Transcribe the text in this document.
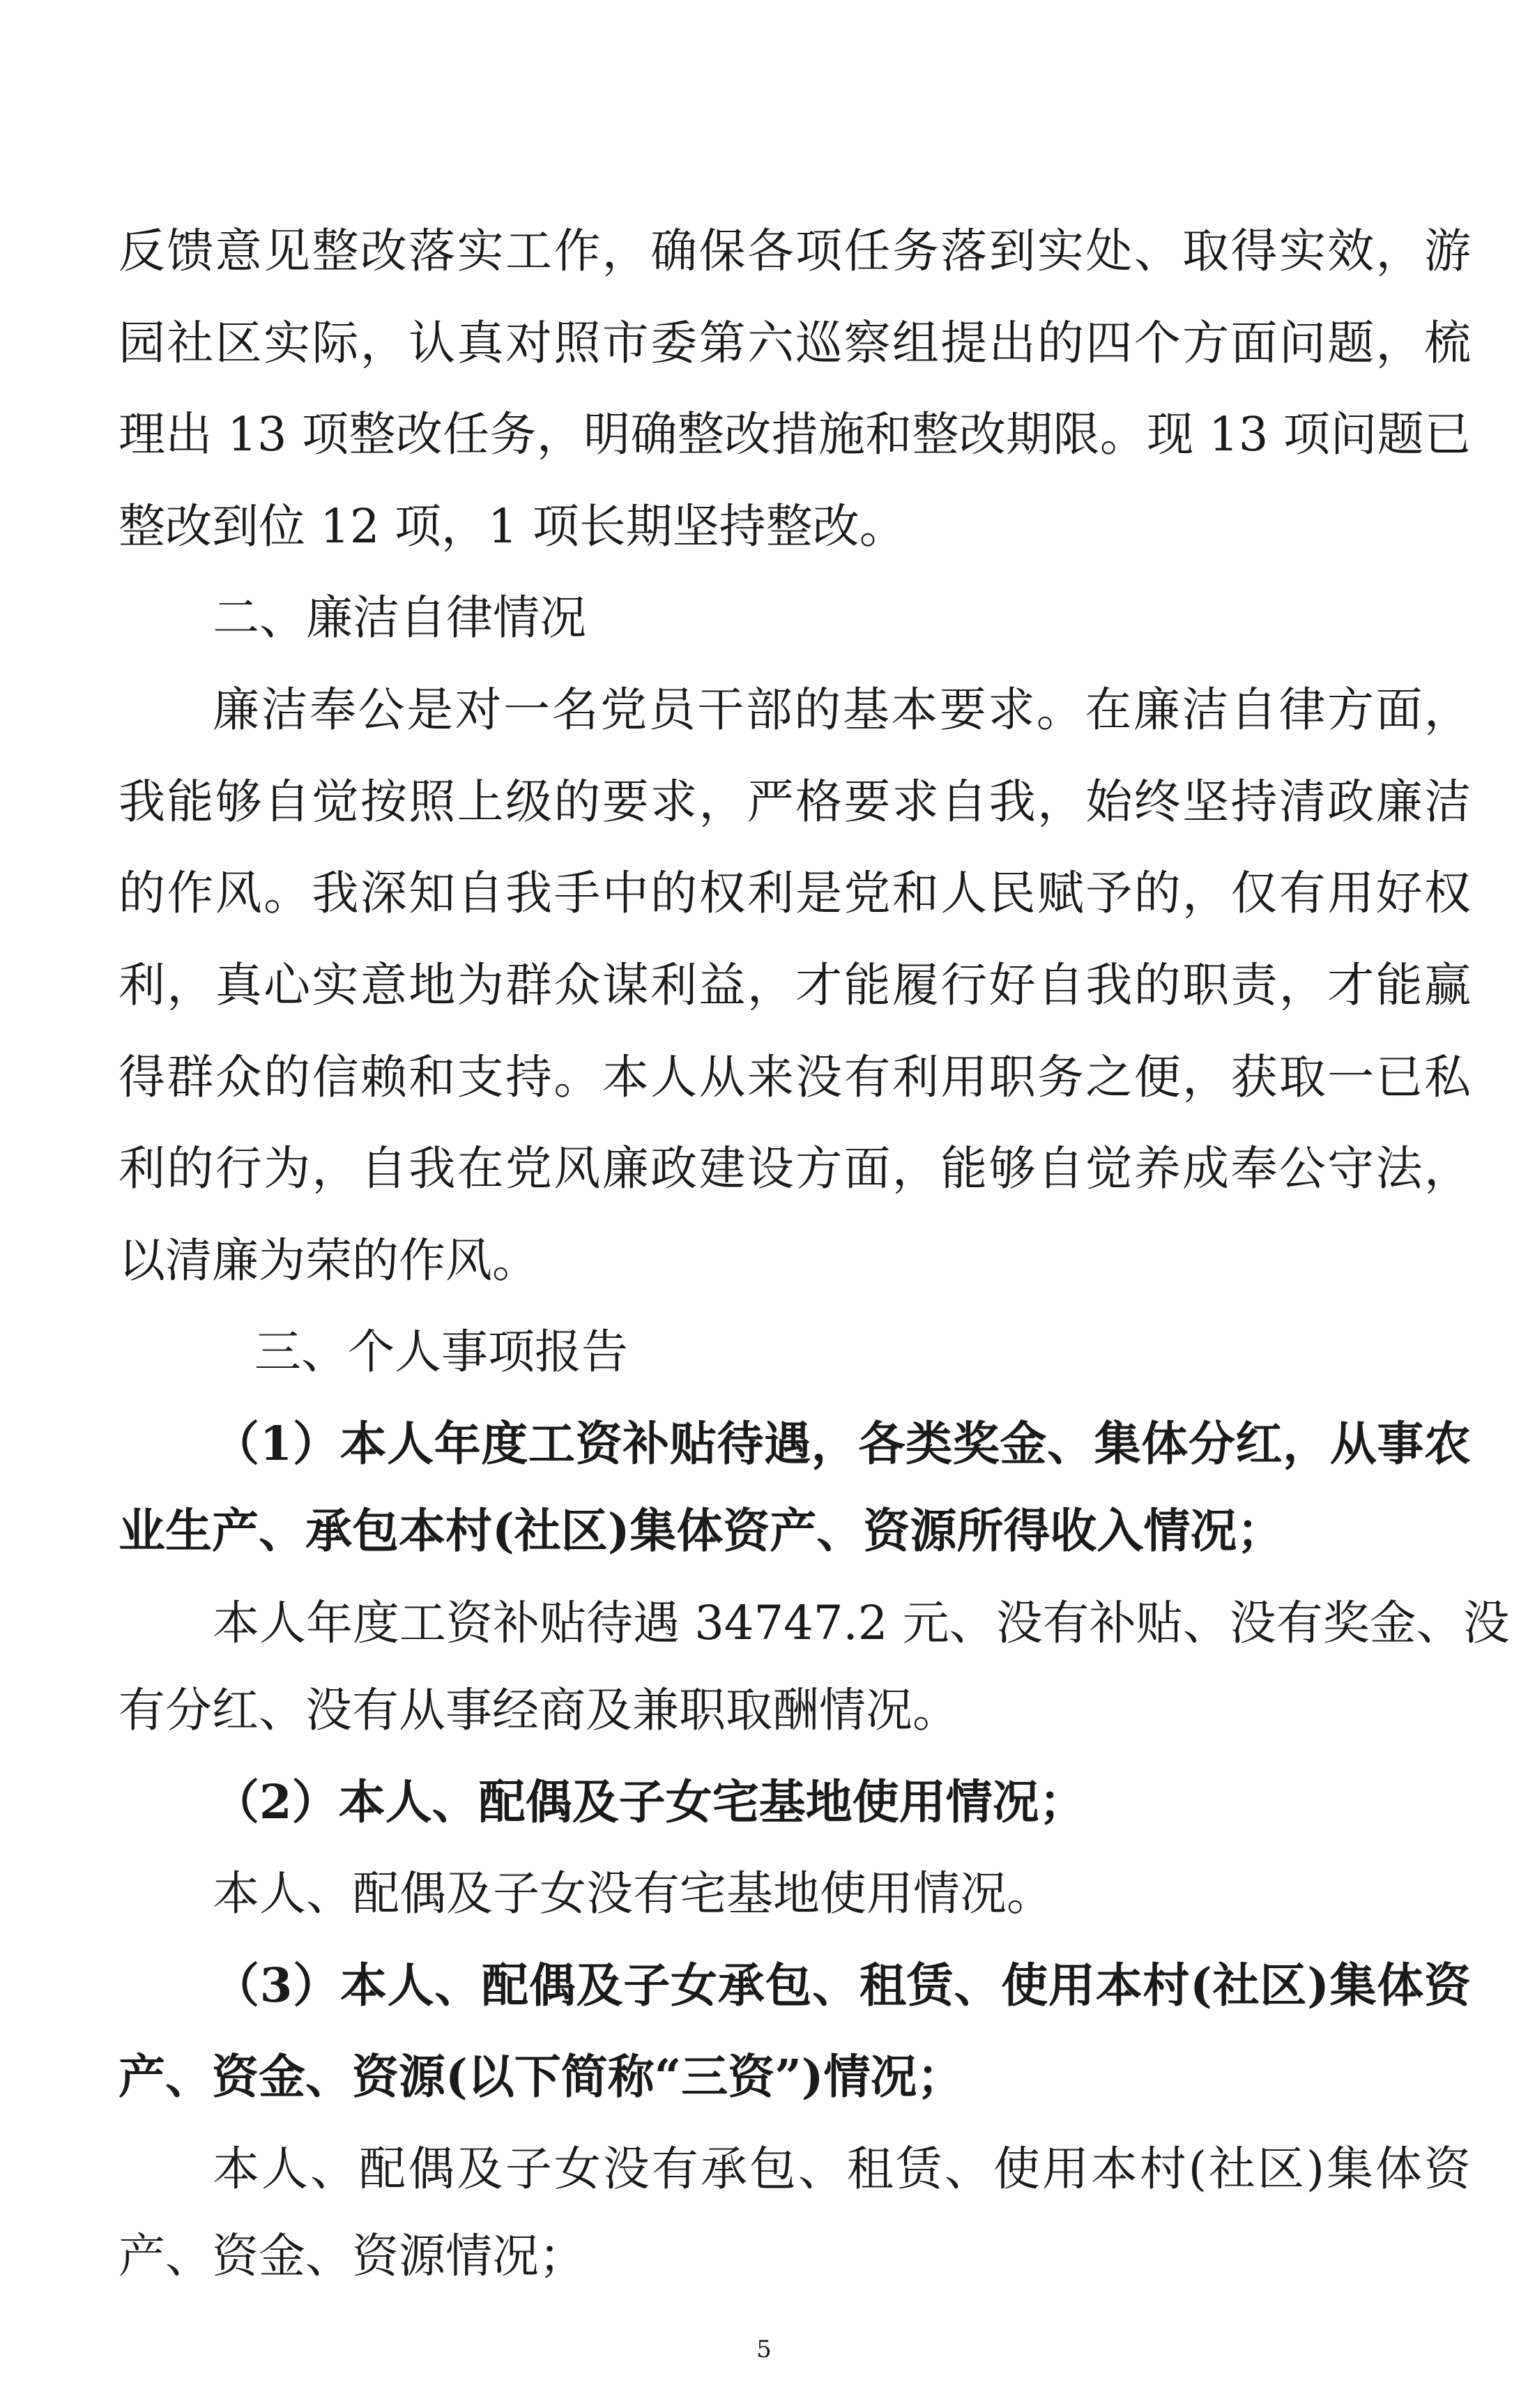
反馈意见整改落实工作，确保各项任务落到实处、取得实效，游
园社区实际，认真对照市委第六巡察组提出的四个方面问题，梳
理出 13 项整改任务，明确整改措施和整改期限。现 13 项问题已
整改到位 12 项，1 项长期坚持整改。
二、廉洁自律情况
廉洁奉公是对一名党员干部的基本要求。在廉洁自律方面，
我能够自觉按照上级的要求，严格要求自我，始终坚持清政廉洁
的作风。我深知自我手中的权利是党和人民赋予的，仅有用好权
利，真心实意地为群众谋利益，才能履行好自我的职责，才能赢
得群众的信赖和支持。本人从来没有利用职务之便，获取一已私
利的行为，自我在党风廉政建设方面，能够自觉养成奉公守法，
以清廉为荣的作风。
三、个人事项报告
（1）本人年度工资补贴待遇，各类奖金、集体分红，从事农
业生产、承包本村(社区)集体资产、资源所得收入情况；
本人年度工资补贴待遇 34747.2 元、没有补贴、没有奖金、没
有分红、没有从事经商及兼职取酬情况。
（2）本人、配偶及子女宅基地使用情况；
本人、配偶及子女没有宅基地使用情况。
（3）本人、配偶及子女承包、租赁、使用本村(社区)集体资
产、资金、资源(以下简称“三资”)情况；
本人、配偶及子女没有承包、租赁、使用本村(社区)集体资
产、资金、资源情况；
5
